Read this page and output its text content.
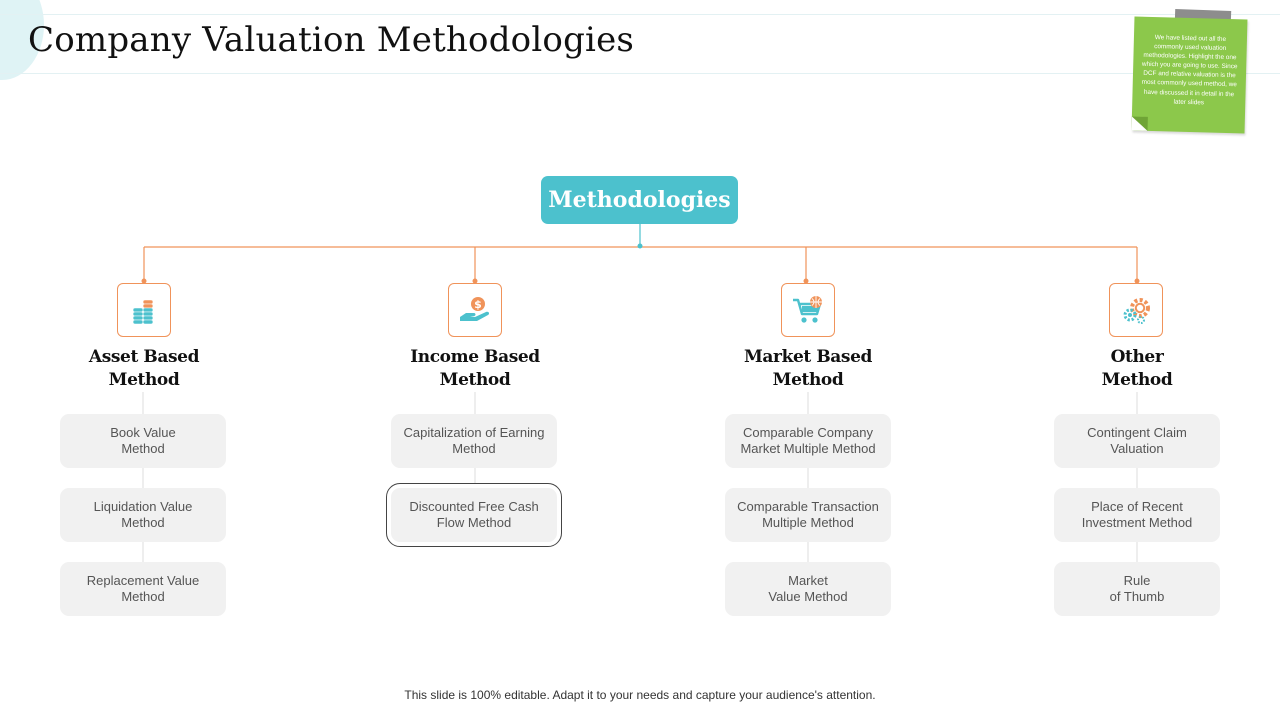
Company Valuation Methodologies	We have listed out all the commonly used valuation methodologies. Highlight the one which you are going to use. Since DCF and relative valuation is the most commonly used method, we have discussed it in detail in the later slides
Methodologies
Asset Based
Method
Book Value
Method
Liquidation Value
Method
Replacement Value
Method
$
Income Based
Method
Capitalization of Earning
Method
Discounted Free Cash
Flow Method
Market Based
Method
Comparable Company
Market Multiple Method
Comparable Transaction
Multiple Method
Market
Value Method
Other
Method
Contingent Claim
Valuation
Place of Recent
Investment Method
Rule
of Thumb
This slide is 100% editable. Adapt it to your needs and capture your audience's attention.
